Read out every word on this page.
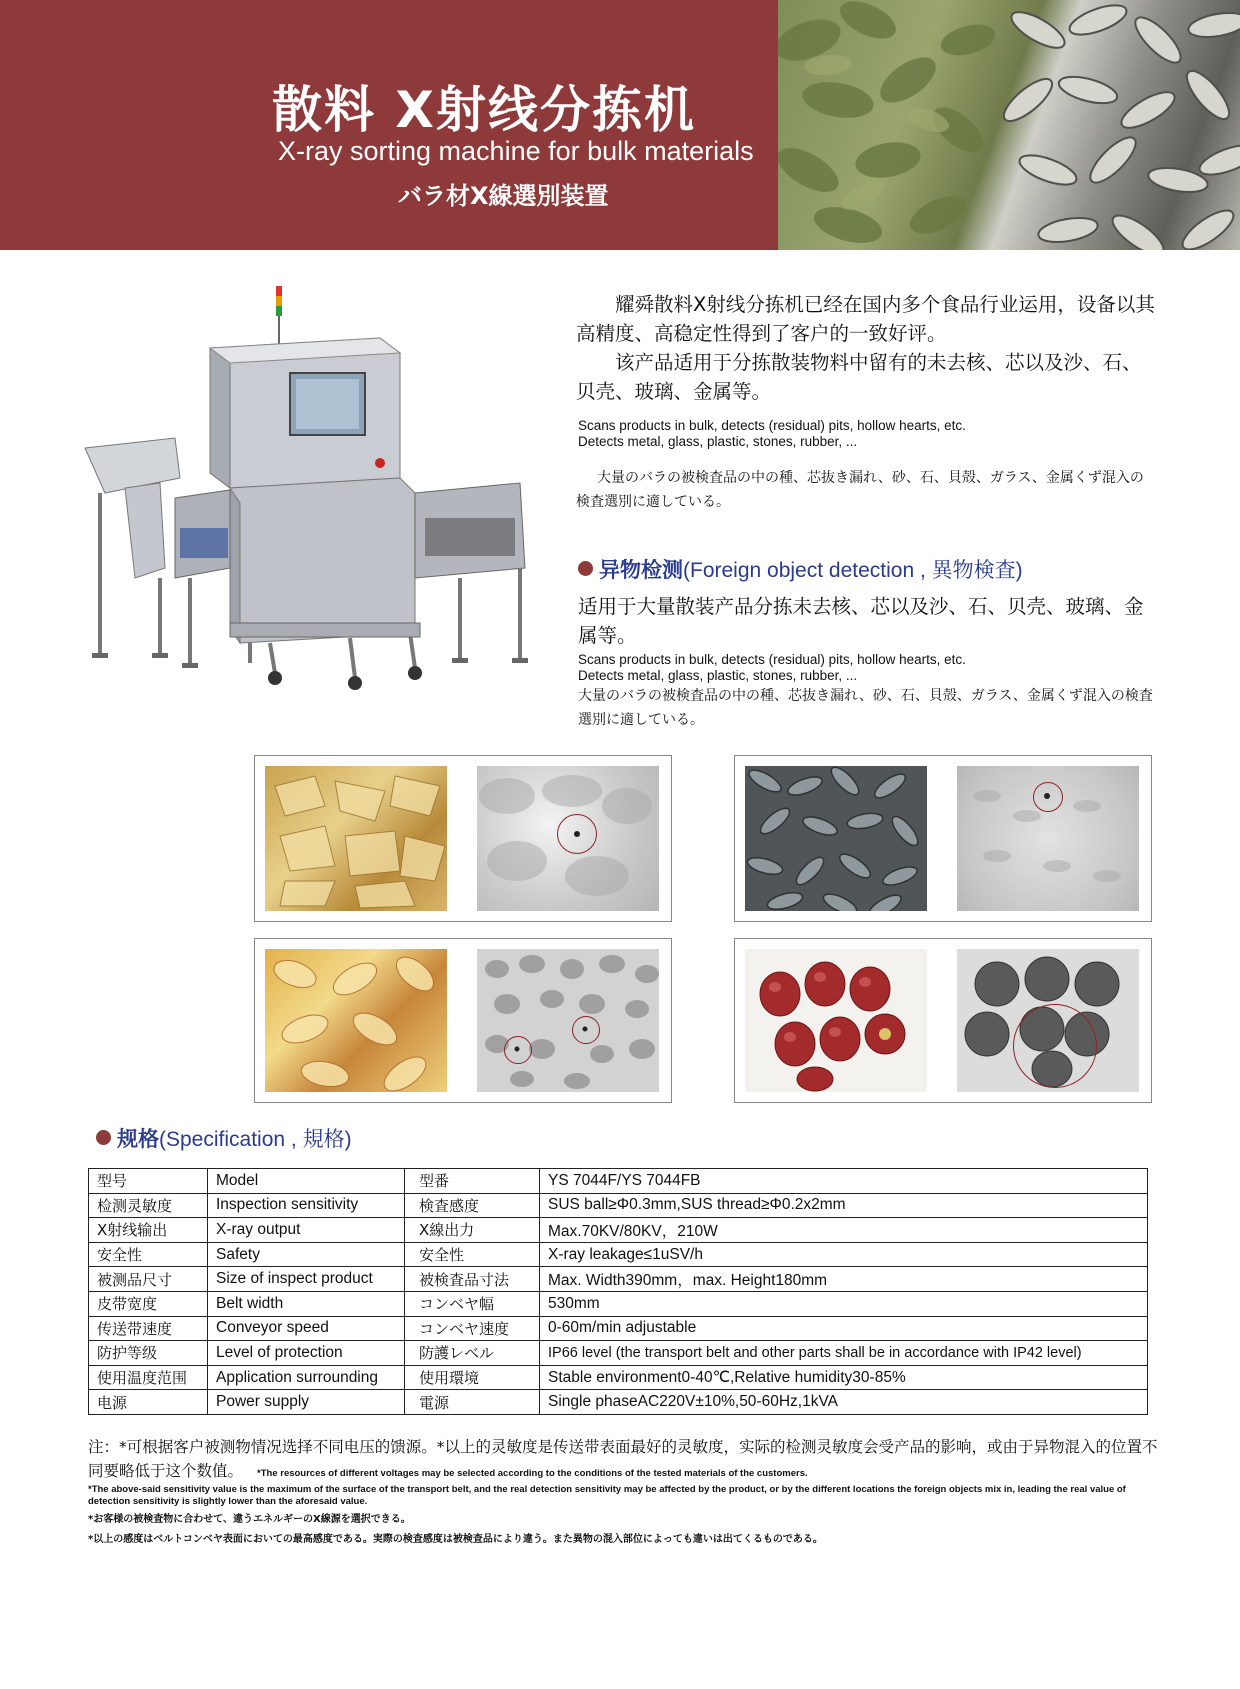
散料 X射线分拣机
X-ray sorting machine for bulk materials
バラ材X線選別装置
耀舜散料X射线分拣机已经在国内多个食品行业运用，设备以其高精度、高稳定性得到了客户的一致好评。
该产品适用于分拣散装物料中留有的未去核、芯以及沙、石、贝壳、玻璃、金属等。
Scans products in bulk, detects (residual) pits, hollow hearts, etc.
Detects metal, glass, plastic, stones, rubber, ...
大量のバラの被検査品の中の種、芯抜き漏れ、砂、石、貝殻、ガラス、金属くず混入の検査選別に適している。
异物检测(Foreign object detection , 異物検査)
适用于大量散装产品分拣未去核、芯以及沙、石、贝壳、玻璃、金属等。
Scans products in bulk, detects (residual) pits, hollow hearts, etc.
Detects metal, glass, plastic, stones, rubber, ...
大量のバラの被検査品の中の種、芯抜き漏れ、砂、石、貝殻、ガラス、金属くず混入の検査選別に適している。
规格(Specification , 規格)
型号	Model	型番	YS 7044F/YS 7044FB
检测灵敏度	Inspection sensitivity	検査感度	SUS ball≥Φ0.3mm,SUS thread≥Φ0.2x2mm
X射线输出	X-ray output	X線出力	Max.70KV/80KV，210W
安全性	Safety	安全性	X-ray leakage≤1uSV/h
被测品尺寸	Size of inspect product	被検査品寸法	Max. Width390mm，max. Height180mm
皮带宽度	Belt width	コンベヤ幅	530mm
传送带速度	Conveyor speed	コンベヤ速度	0-60m/min adjustable
防护等级	Level of protection	防護レベル	IP66 level (the transport belt and other parts shall be in accordance with IP42 level)
使用温度范围	Application surrounding	使用環境	Stable environment0-40℃,Relative humidity30-85%
电源	Power supply	電源	Single phaseAC220V±10%,50-60Hz,1kVA
注：*可根据客户被测物情况选择不同电压的馈源。*以上的灵敏度是传送带表面最好的灵敏度，实际的检测灵敏度会受产品的影响，或由于异物混入的位置不同要略低于这个数值。 *The resources of different voltages may be selected according to the conditions of the tested materials of the customers.
*The above-said sensitivity value is the maximum of the surface of the transport belt, and the real detection sensitivity may be affected by the product, or by the different locations the foreign objects mix in, leading the real value of detection sensitivity is slightly lower than the aforesaid value.
*お客様の被検査物に合わせて、違うエネルギーのX線源を選択できる。
*以上の感度はベルトコンベヤ表面においての最高感度である。実際の検査感度は被検査品により違う。また異物の混入部位によっても違いは出てくるものである。
